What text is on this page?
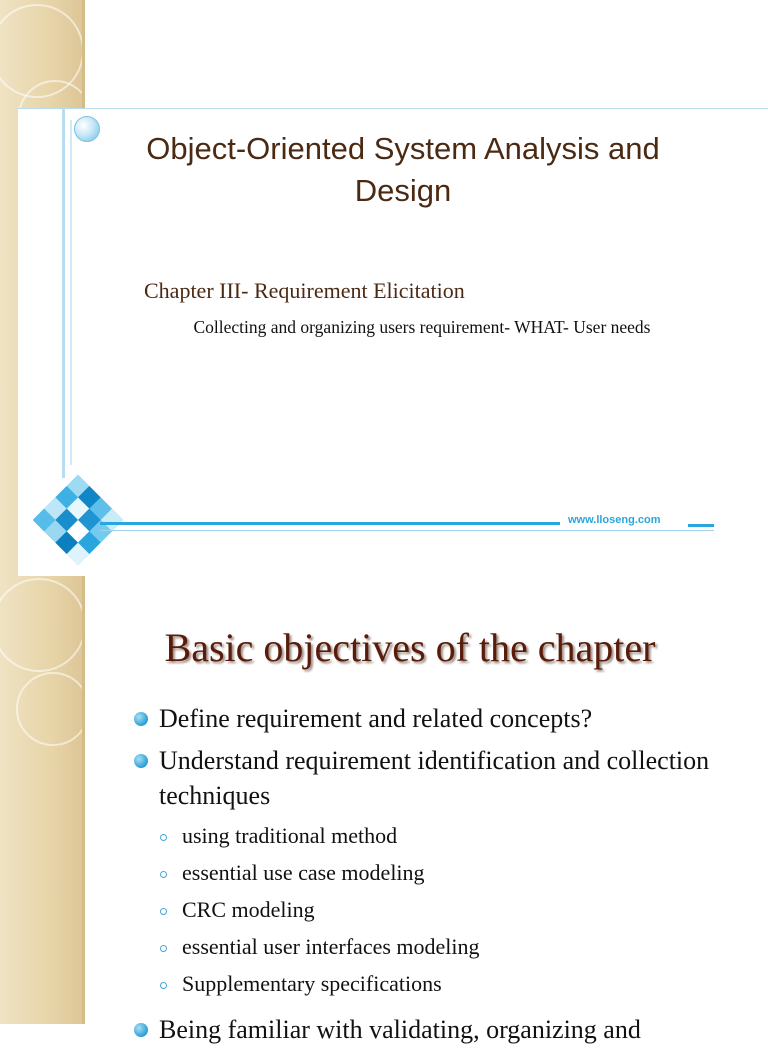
Object-Oriented System Analysis and Design
Chapter III- Requirement Elicitation
Collecting and organizing users requirement- WHAT- User needs
www.lloseng.com
Basic objectives of the chapter
Define requirement and related concepts?
Understand requirement identification and collection techniques
using traditional method
essential use case modeling
CRC modeling
essential user interfaces modeling
Supplementary specifications
Being familiar with validating, organizing and
